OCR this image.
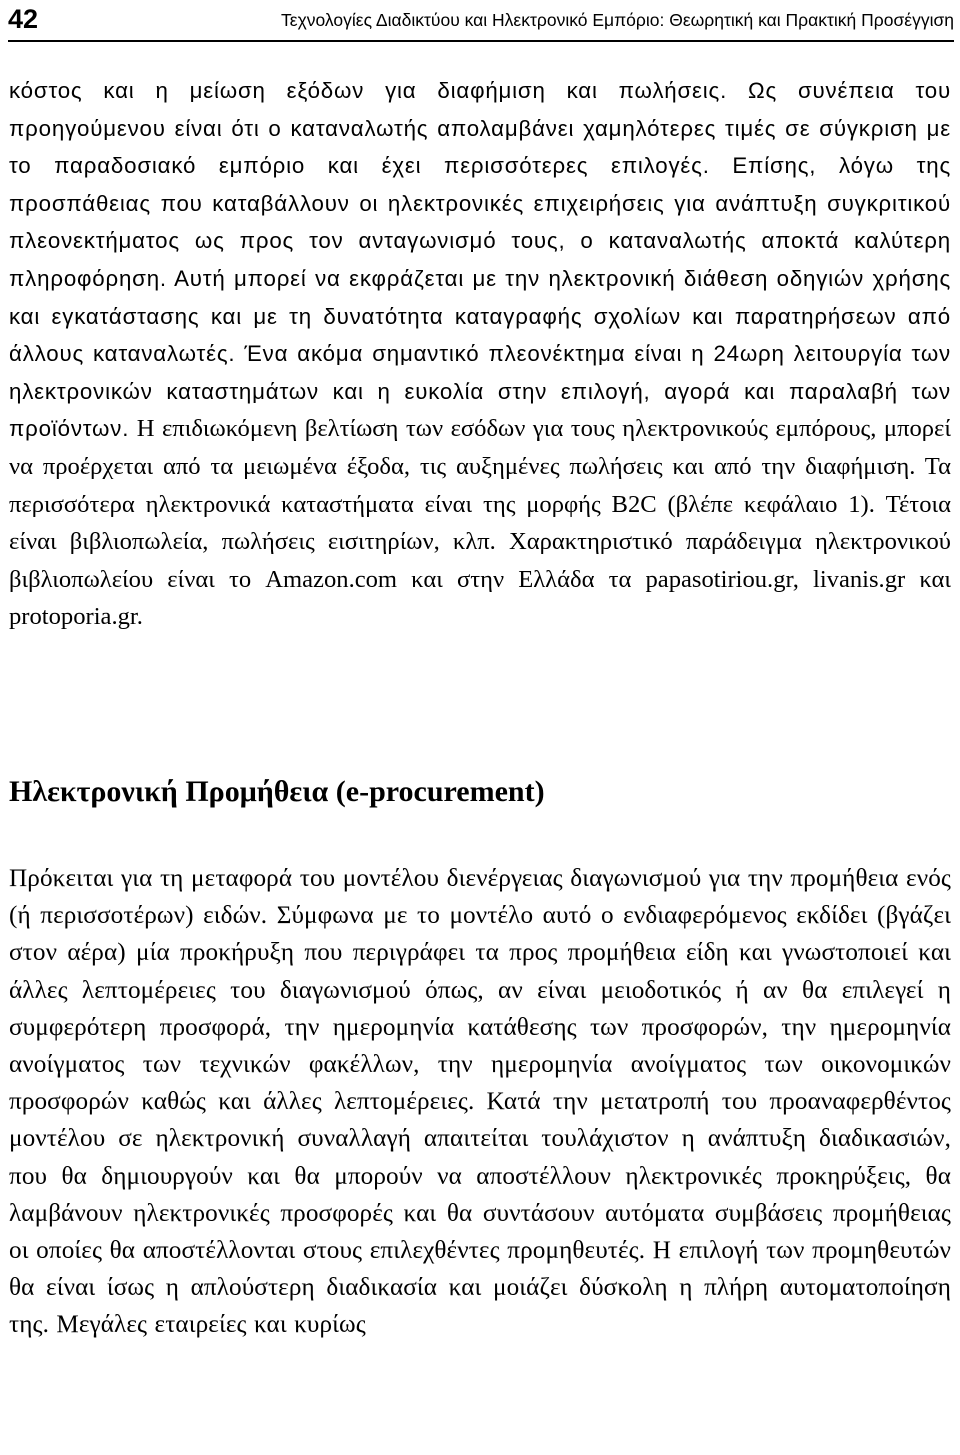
42	Τεχνολογίες Διαδικτύου και Ηλεκτρονικό Εμπόριο: Θεωρητική και Πρακτική Προσέγγιση

κόστος και η μείωση εξόδων για διαφήμιση και πωλήσεις. Ως συνέπεια του προηγούμενου είναι ότι ο καταναλωτής απολαμβάνει χαμηλότερες τιμές σε σύγκριση με το παραδοσιακό εμπόριο και έχει περισσότερες επιλογές. Επίσης, λόγω της προσπάθειας που καταβάλλουν οι ηλεκτρονικές επιχειρήσεις για ανάπτυξη συγκριτικού πλεονεκτήματος ως προς τον ανταγωνισμό τους, ο καταναλωτής αποκτά καλύτερη πληροφόρηση. Αυτή μπορεί να εκφράζεται με την ηλεκτρονική διάθεση οδηγιών χρήσης και εγκατάστασης και με τη δυνατότητα καταγραφής σχολίων και παρατηρήσεων από άλλους καταναλωτές. Ένα ακόμα σημαντικό πλεονέκτημα είναι η 24ωρη λειτουργία των ηλεκτρονικών καταστημάτων και η ευκολία στην επιλογή, αγορά και παραλαβή των προϊόντων. Η επιδιωκόμενη βελτίωση των εσόδων για τους ηλεκτρονικούς εμπόρους, μπορεί να προέρχεται από τα μειωμένα έξοδα, τις αυξημένες πωλήσεις και από την διαφήμιση. Τα περισσότερα ηλεκτρονικά καταστήματα είναι της μορφής B2C (βλέπε κεφάλαιο 1). Τέτοια είναι βιβλιοπωλεία, πωλήσεις εισιτηρίων, κλπ. Χαρακτηριστικό παράδειγμα ηλεκτρονικού βιβλιοπωλείου είναι το Amazon.com και στην Ελλάδα τα papasotiriou.gr, livanis.gr και protoporia.gr.

Ηλεκτρονική Προμήθεια (e-procurement)

Πρόκειται για τη μεταφορά του μοντέλου διενέργειας διαγωνισμού για την προμήθεια ενός (ή περισσοτέρων) ειδών. Σύμφωνα με το μοντέλο αυτό ο ενδιαφερόμενος εκδίδει (βγάζει στον αέρα) μία προκήρυξη που περιγράφει τα προς προμήθεια είδη και γνωστοποιεί και άλλες λεπτομέρειες του διαγωνισμού όπως, αν είναι μειοδοτικός ή αν θα επιλεγεί η συμφερότερη προσφορά, την ημερομηνία κατάθεσης των προσφορών, την ημερομηνία ανοίγματος των τεχνικών φακέλλων, την ημερομηνία ανοίγματος των οικονομικών προσφορών καθώς και άλλες λεπτομέρειες. Κατά την μετατροπή του προαναφερθέντος μοντέλου σε ηλεκτρονική συναλλαγή απαιτείται τουλάχιστον η ανάπτυξη διαδικασιών, που θα δημιουργούν και θα μπορούν να αποστέλλουν ηλεκτρονικές προκηρύξεις, θα λαμβάνουν ηλεκτρονικές προσφορές και θα συντάσουν αυτόματα συμβάσεις προμήθειας οι οποίες θα αποστέλλονται στους επιλεχθέντες προμηθευτές. Η επιλογή των προμηθευτών θα είναι ίσως η απλούστερη διαδικασία και μοιάζει δύσκολη η πλήρη αυτοματοποίηση της. Μεγάλες εταιρείες και κυρίως
